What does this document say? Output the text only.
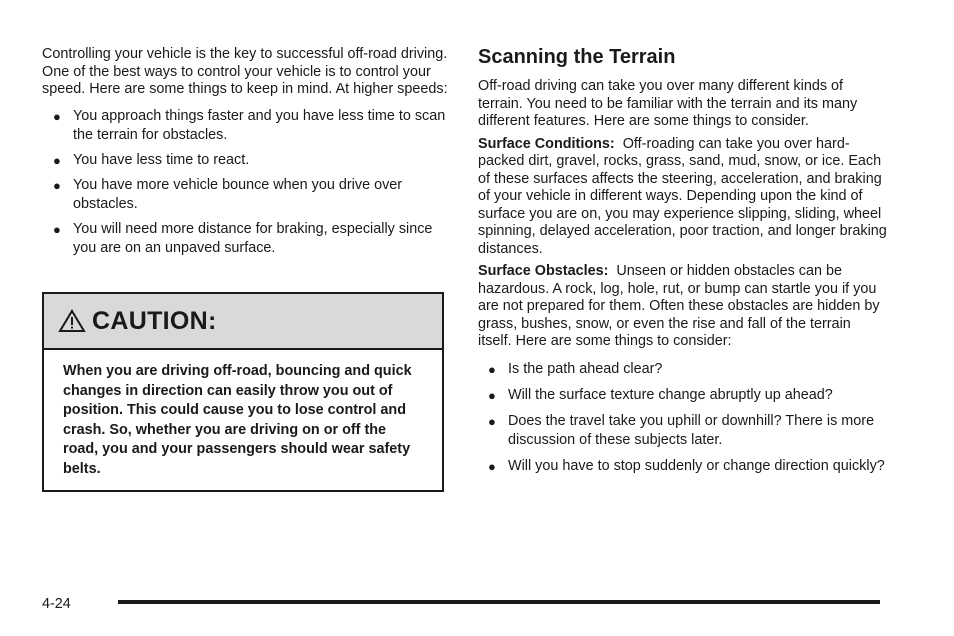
Controlling your vehicle is the key to successful off-road driving. One of the best ways to control your vehicle is to control your speed. Here are some things to keep in mind. At higher speeds:

● You approach things faster and you have less time to scan the terrain for obstacles.
● You have less time to react.
● You have more vehicle bounce when you drive over obstacles.
● You will need more distance for braking, especially since you are on an unpaved surface.
CAUTION:
When you are driving off-road, bouncing and quick changes in direction can easily throw you out of position. This could cause you to lose control and crash. So, whether you are driving on or off the road, you and your passengers should wear safety belts.
Scanning the Terrain

Off-road driving can take you over many different kinds of terrain. You need to be familiar with the terrain and its many different features. Here are some things to consider.

Surface Conditions: Off-roading can take you over hard-packed dirt, gravel, rocks, grass, sand, mud, snow, or ice. Each of these surfaces affects the steering, acceleration, and braking of your vehicle in different ways. Depending upon the kind of surface you are on, you may experience slipping, sliding, wheel spinning, delayed acceleration, poor traction, and longer braking distances.

Surface Obstacles: Unseen or hidden obstacles can be hazardous. A rock, log, hole, rut, or bump can startle you if you are not prepared for them. Often these obstacles are hidden by grass, bushes, snow, or even the rise and fall of the terrain itself. Here are some things to consider:

● Is the path ahead clear?
● Will the surface texture change abruptly up ahead?
● Does the travel take you uphill or downhill? There is more discussion of these subjects later.
● Will you have to stop suddenly or change direction quickly?
4-24
